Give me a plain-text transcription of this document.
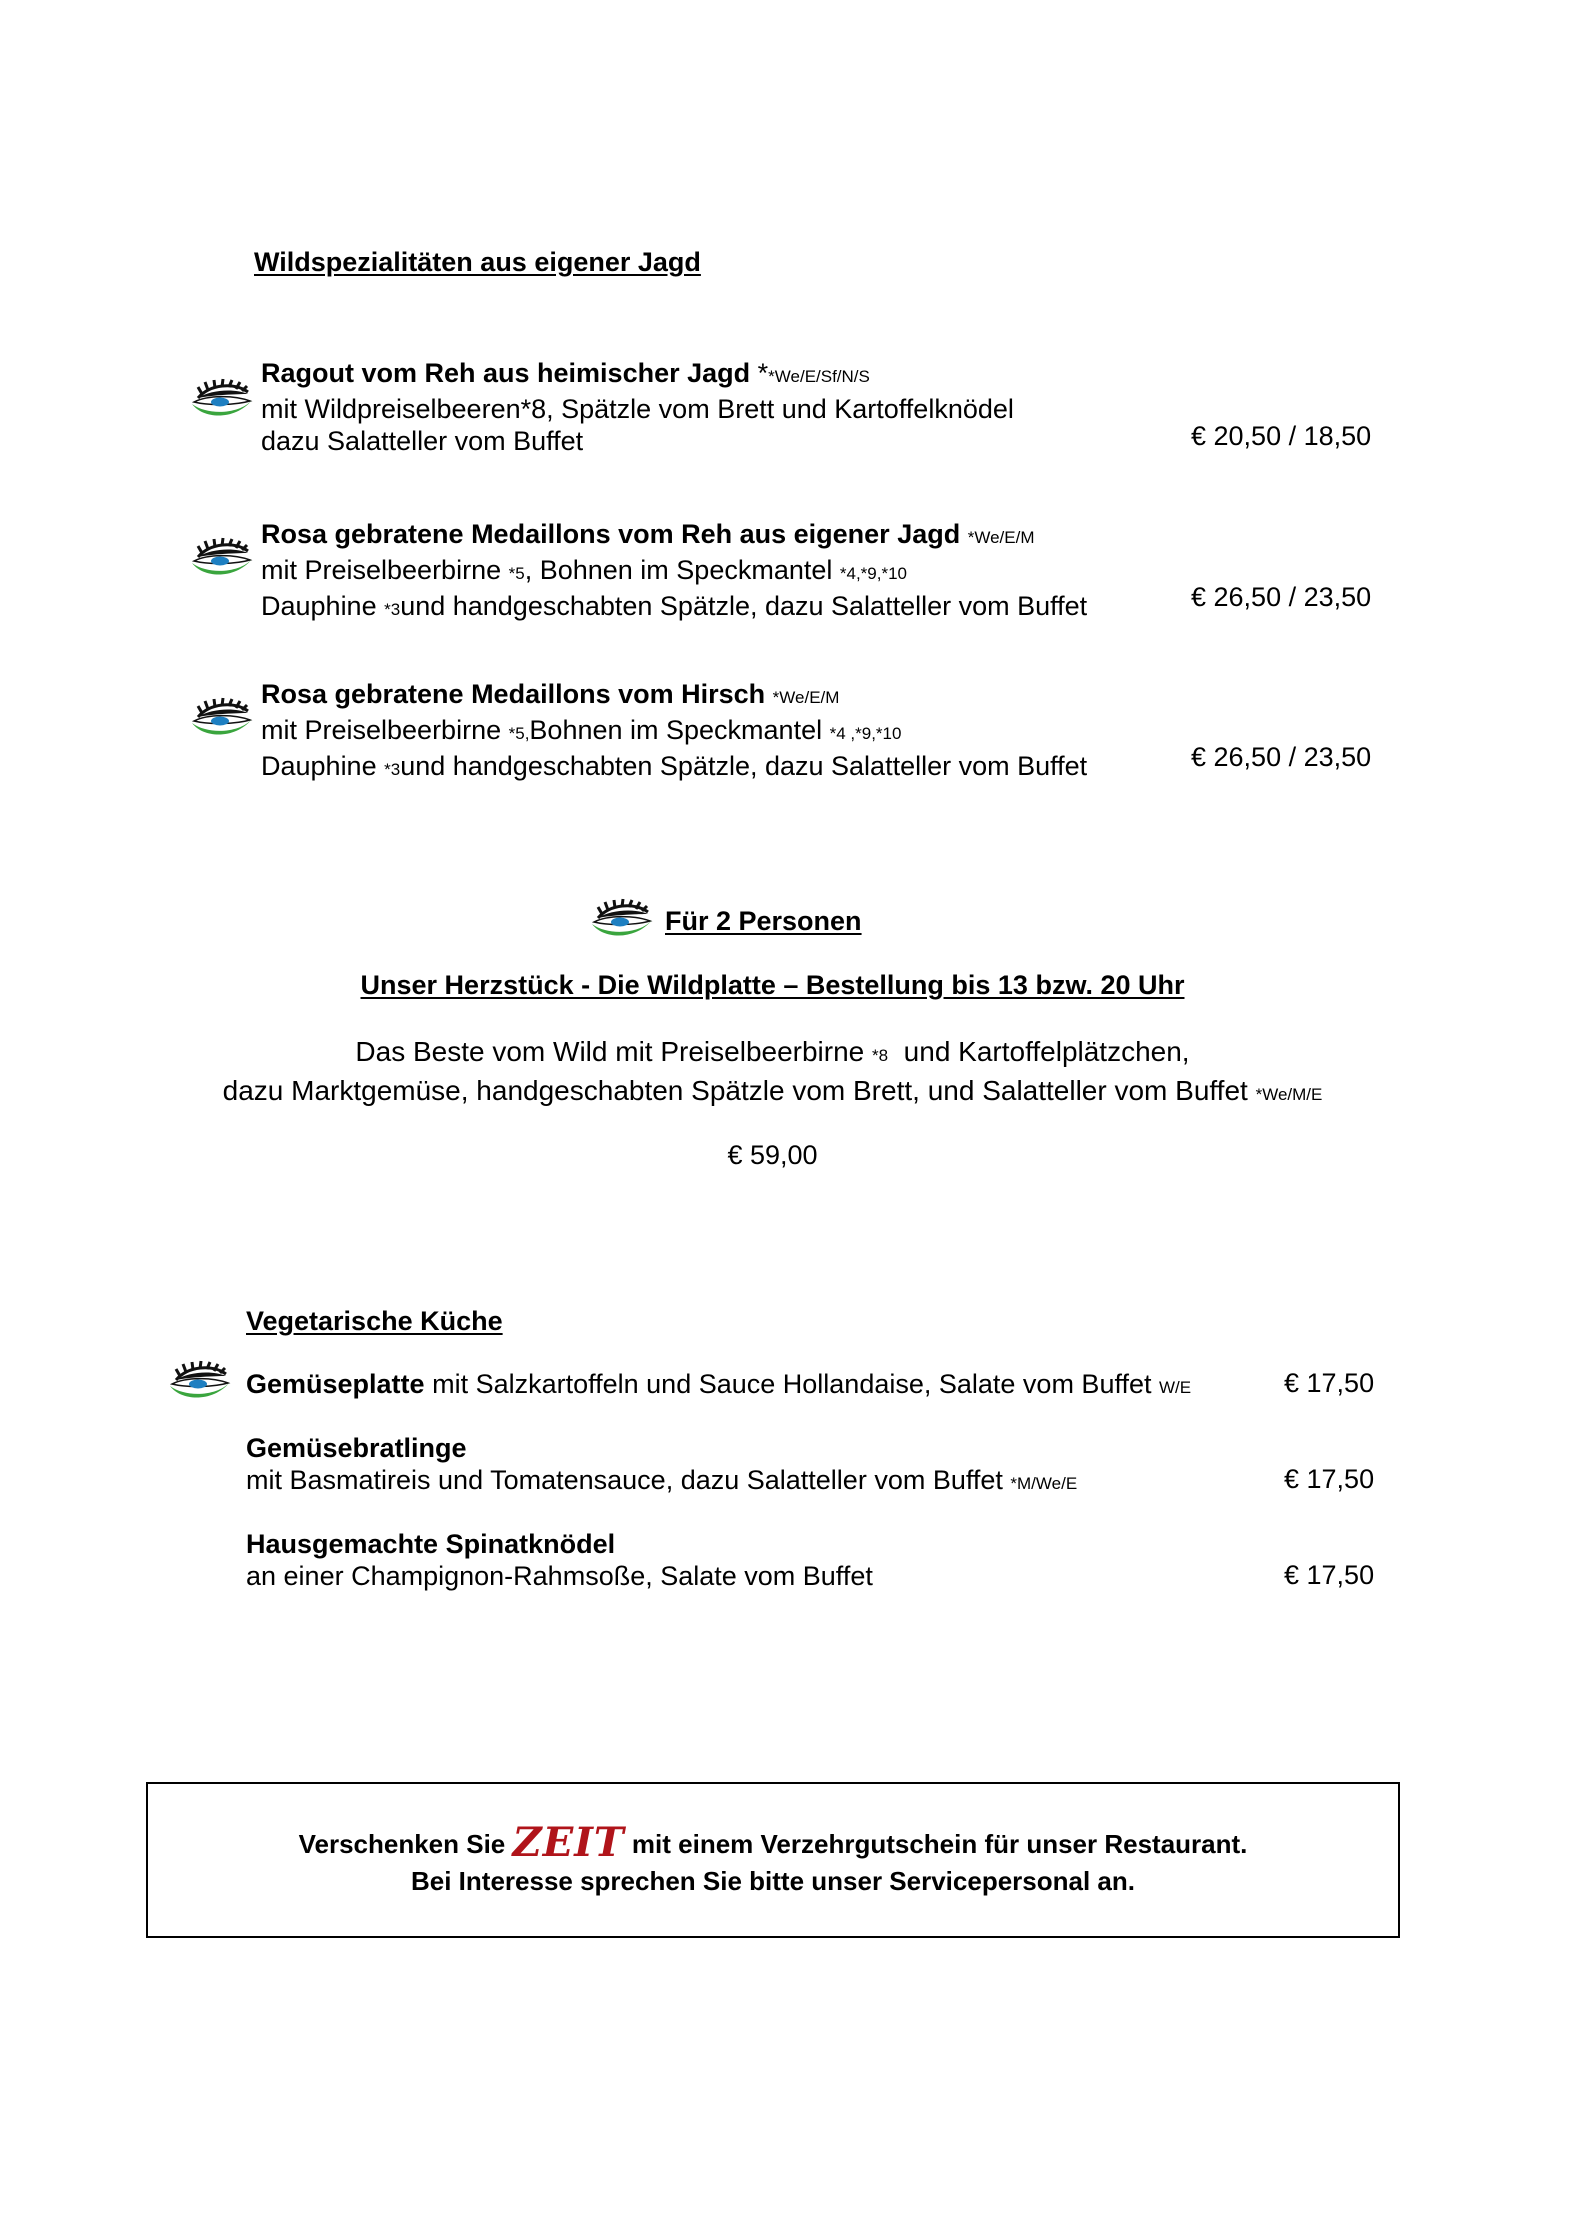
Wildspezialitäten aus eigener Jagd
Ragout vom Reh aus heimischer Jagd **We/E/Sf/N/S
mit Wildpreiselbeeren*8, Spätzle vom Brett und Kartoffelknödel
dazu Salatteller vom Buffet	€ 20,50 / 18,50
Rosa gebratene Medaillons vom Reh aus eigener Jagd *We/E/M
mit Preiselbeerbirne *5, Bohnen im Speckmantel *4,*9,*10
Dauphine *3und handgeschabten Spätzle, dazu Salatteller vom Buffet	€ 26,50 / 23,50
Rosa gebratene Medaillons vom Hirsch *We/E/M
mit Preiselbeerbirne *5,Bohnen im Speckmantel *4 ,*9,*10
Dauphine *3und handgeschabten Spätzle, dazu Salatteller vom Buffet	€ 26,50 / 23,50
Für 2 Personen
Unser Herzstück - Die Wildplatte – Bestellung bis 13 bzw. 20 Uhr
Das Beste vom Wild mit Preiselbeerbirne *8 und Kartoffelplätzchen,
dazu Marktgemüse, handgeschabten Spätzle vom Brett, und Salatteller vom Buffet *We/M/E
€ 59,00
Vegetarische Küche
Gemüseplatte mit Salzkartoffeln und Sauce Hollandaise, Salate vom Buffet W/E	€ 17,50
Gemüsebratlinge
mit Basmatireis und Tomatensauce, dazu Salatteller vom Buffet *M/We/E	€ 17,50
Hausgemachte Spinatknödel
an einer Champignon-Rahmsoße, Salate vom Buffet	€ 17,50
Verschenken Sie ZEIT mit einem Verzehrgutschein für unser Restaurant.
Bei Interesse sprechen Sie bitte unser Servicepersonal an.
